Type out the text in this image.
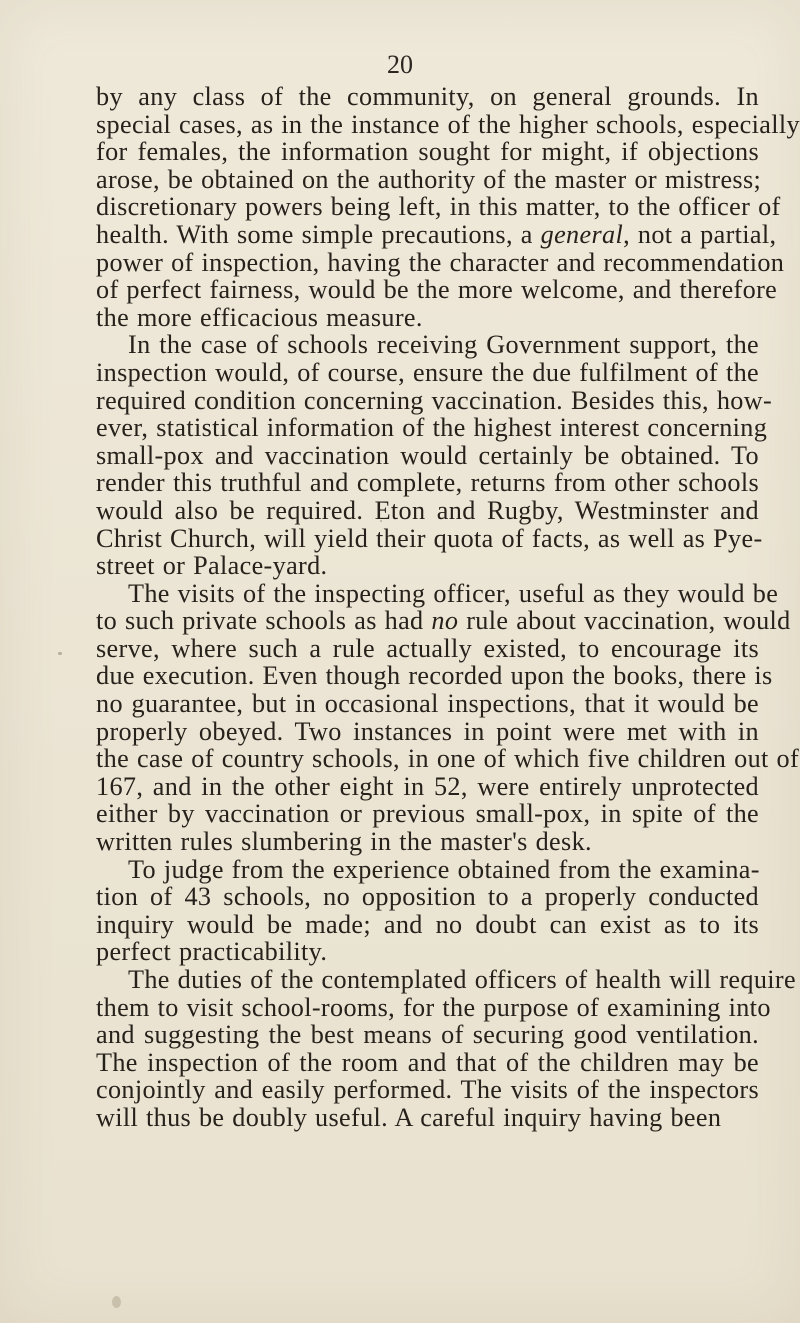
20
by any class of the community, on general grounds. In
special cases, as in the instance of the higher schools, especially
for females, the information sought for might, if objections
arose, be obtained on the authority of the master or mistress;
discretionary powers being left, in this matter, to the officer of
health. With some simple precautions, a general, not a partial,
power of inspection, having the character and recommendation
of perfect fairness, would be the more welcome, and therefore
the more efficacious measure.
In the case of schools receiving Government support, the
inspection would, of course, ensure the due fulfilment of the
required condition concerning vaccination. Besides this, how-
ever, statistical information of the highest interest concerning
small-pox and vaccination would certainly be obtained. To
render this truthful and complete, returns from other schools
would also be required. Eton and Rugby, Westminster and
Christ Church, will yield their quota of facts, as well as Pye-
street or Palace-yard.
The visits of the inspecting officer, useful as they would be
to such private schools as had no rule about vaccination, would
serve, where such a rule actually existed, to encourage its
due execution. Even though recorded upon the books, there is
no guarantee, but in occasional inspections, that it would be
properly obeyed. Two instances in point were met with in
the case of country schools, in one of which five children out of
167, and in the other eight in 52, were entirely unprotected
either by vaccination or previous small-pox, in spite of the
written rules slumbering in the master's desk.
To judge from the experience obtained from the examina-
tion of 43 schools, no opposition to a properly conducted
inquiry would be made; and no doubt can exist as to its
perfect practicability.
The duties of the contemplated officers of health will require
them to visit school-rooms, for the purpose of examining into
and suggesting the best means of securing good ventilation.
The inspection of the room and that of the children may be
conjointly and easily performed. The visits of the inspectors
will thus be doubly useful. A careful inquiry having been
